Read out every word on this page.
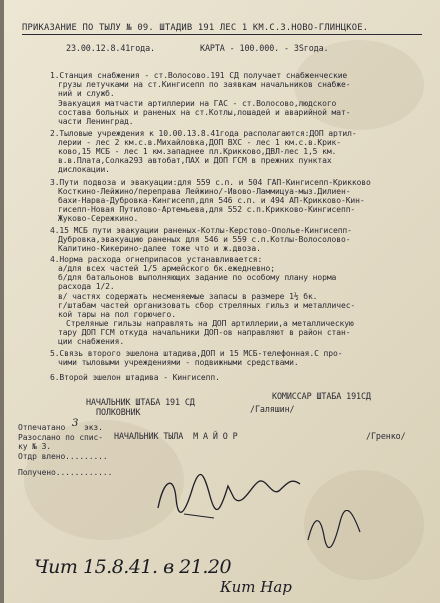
ПРИКАЗАНИЕ ПО ТЫЛУ № 09. ШТАДИВ 191 ЛЕС 1 КМ.С.З.НОВО-ГЛИНЦКОЕ.
23.00.12.8.41года.	КАРТА - 100.000. - 3Sгода.
1.Станция снабжения - ст.Волосово.191 СД получает снабженческие
грузы летучками на ст.Кингисепп по заявкам начальников снабже-
ний и служб.
Эвакуация матчасти артиллерии на ГАС - ст.Волосово,людского
состава больных и раненых на ст.Котлы,лошадей и аварийной мат-
части Ленинград.
2.Тыловые учреждения к 10.00.13.8.41года располагаются:ДОП артил-
лерии - лес 2 км.с.в.Михайловка,ДОП ВХС - лес 1 км.с.в.Крик-
ково,15 МСБ - лес 1 км.западнее пл.Крикково,ДВЛ-лес 1,5 км.
в.в.Плата,Солка293 автобат,ПАХ и ДОП ГСМ в прежних пунктах
дислокации.
3.Пути подвоза и эвакуации:для 559 с.п. и 504 ГАП-Кингисепп-Крикково
Косткино-Лейжино/переправа Лейжино/-Ивово-Ламмицуа-мыз.Дилиен-
бахи-Нарва-Дубровка-Кингисепп,для 546 с.п. и 494 АП-Крикково-Кин-
гисепп-Новая Путилово-Артемьева,для 552 с.п.Крикково-Кингисепп-
Жуково-Сережкино.
4.15 МСБ пути эвакуации раненых-Котлы-Керстово-Ополье-Кингисепп-
Дубровка,эвакуацию раненых для 546 и 559 с.п.Котлы-Волосолово-
Калитино-Кикерино-далее тоже что и ж.двоза.
4.Норма расхода огнеприпасов устанавливается:
а/для всех частей 1/5 армейского бк.ежедневно;
б/для батальонов выполняющих задание по особому плану норма
расхода 1/2.
в/ частях содержать несменяемые запасы в размере 1½ бк.
г/штабам частей организовать сбор стреляных гильз и металличес-
кой тары на пол горючего.
Стреляные гильзы направлять на ДОП артиллерии,а металлическую
тару ДОП ГСМ откуда начальники ДОП-ов направляют в район стан-
ции снабжения.
5.Связь второго эшелона штадива,ДОП и 15 МСБ-телефонная.С про-
чими тыловыми учреждениями - подвижными средствами.
6.Второй эшелон штадива - Кингисепп.
НАЧАЛЬНИК ШТАБА 191 СД
ПОЛКОВНИК	/Галяшин/
КОМИССАР ШТАБА 191СД
НАЧАЛЬНИК ТЫЛА  М А Й О Р	/Гренко/
Отпечатано 3 экз.
Разослано по спис-
ку № 3.
Отдр влено.........
Получено............
Чит 15.8.41. в 21.20
Кит Нар
